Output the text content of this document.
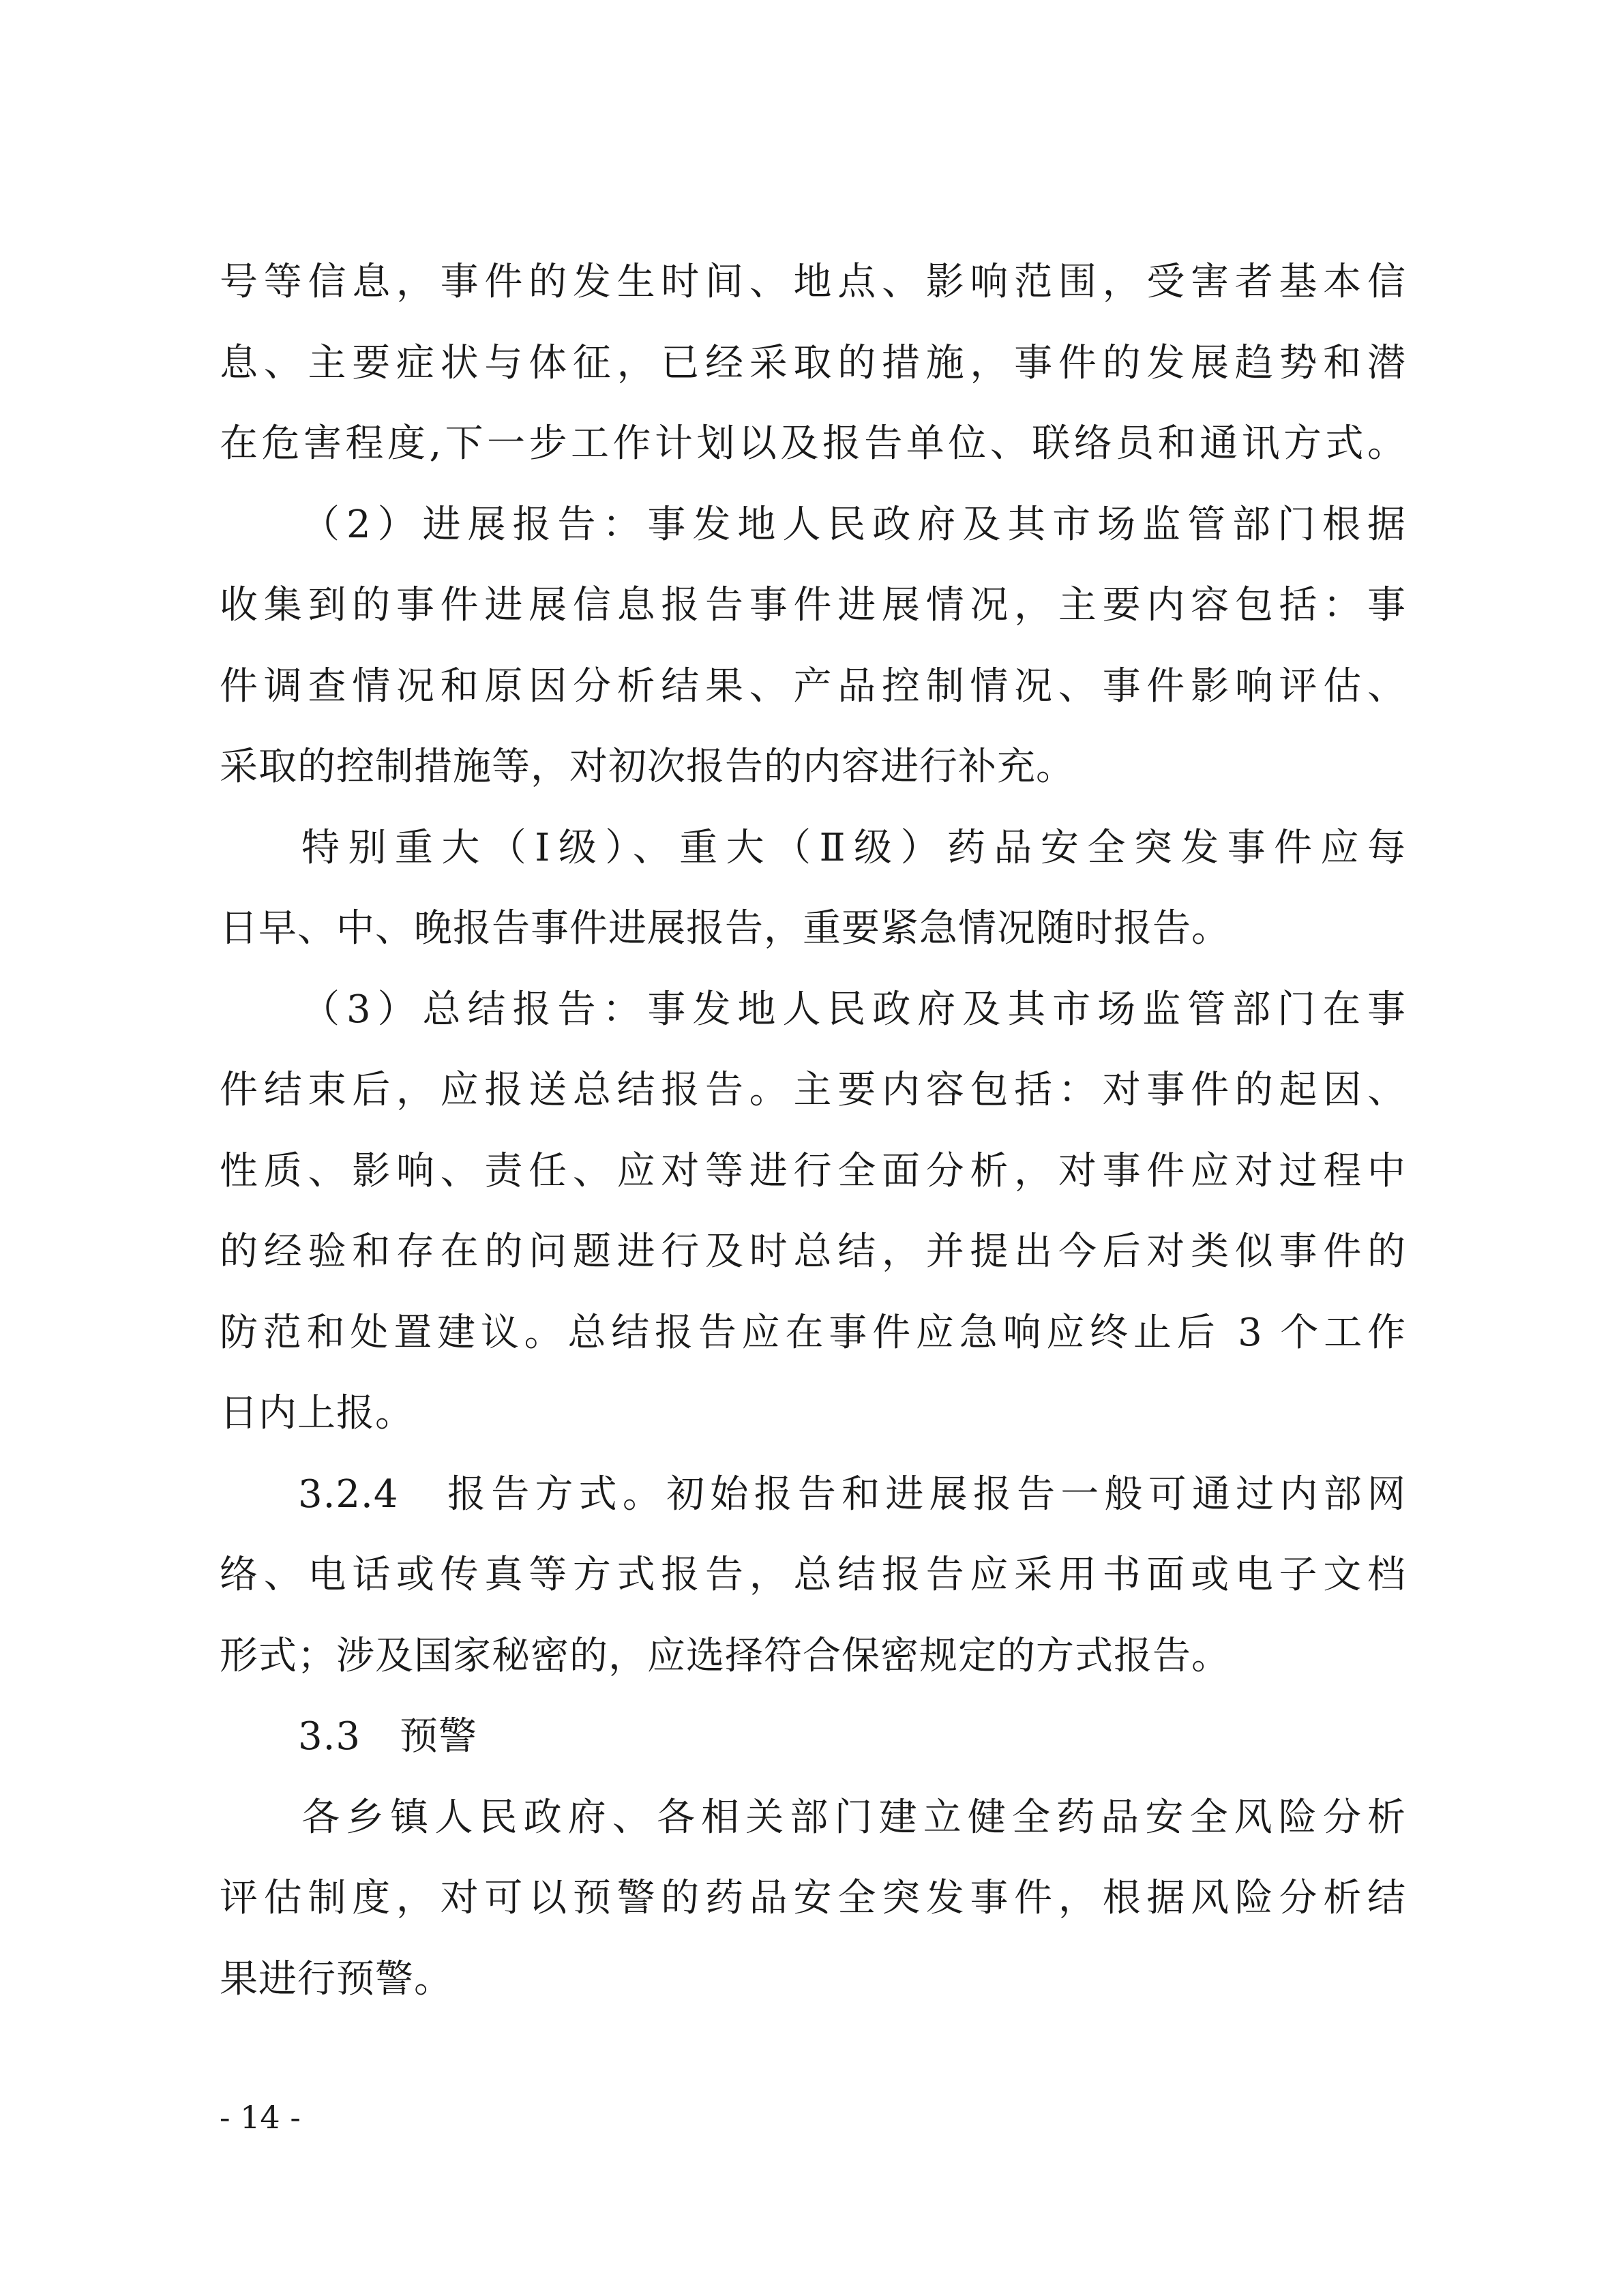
号等信息，事件的发生时间、地点、影响范围，受害者基本信
息、主要症状与体征，已经采取的措施，事件的发展趋势和潜
在危害程度,下一步工作计划以及报告单位、联络员和通讯方式。
（2）进展报告：事发地人民政府及其市场监管部门根据
收集到的事件进展信息报告事件进展情况，主要内容包括：事
件调查情况和原因分析结果、产品控制情况、事件影响评估、
采取的控制措施等，对初次报告的内容进行补充。
特别重大（Ⅰ级）、重大（Ⅱ级）药品安全突发事件应每
日早、中、晚报告事件进展报告，重要紧急情况随时报告。
（3）总结报告：事发地人民政府及其市场监管部门在事
件结束后，应报送总结报告。主要内容包括：对事件的起因、
性质、影响、责任、应对等进行全面分析，对事件应对过程中
的经验和存在的问题进行及时总结，并提出今后对类似事件的
防范和处置建议。总结报告应在事件应急响应终止后 3 个工作
日内上报。
3.2.4　报告方式。初始报告和进展报告一般可通过内部网
络、电话或传真等方式报告，总结报告应采用书面或电子文档
形式；涉及国家秘密的，应选择符合保密规定的方式报告。
3.3　预警
各乡镇人民政府、各相关部门建立健全药品安全风险分析
评估制度，对可以预警的药品安全突发事件，根据风险分析结
果进行预警。
- 14 -
